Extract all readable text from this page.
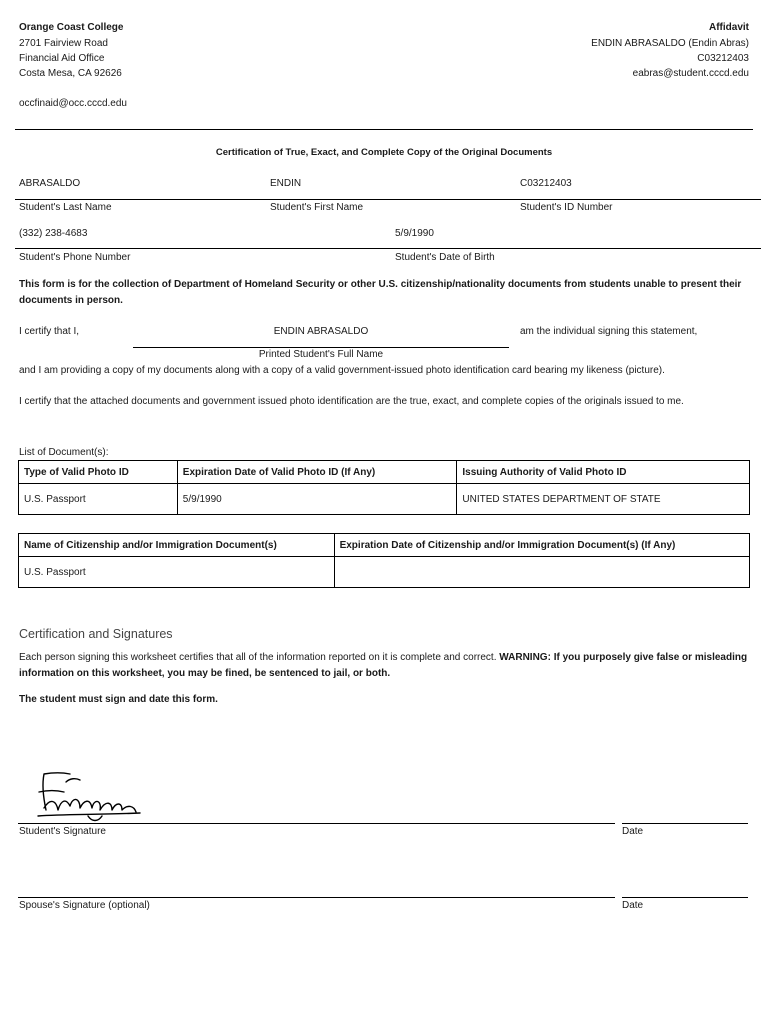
Orange Coast College
2701 Fairview Road
Financial Aid Office
Costa Mesa, CA 92626
occfinaid@occ.cccd.edu
Affidavit
ENDIN ABRASALDO (Endin Abras)
C03212403
eabras@student.cccd.edu
Certification of True, Exact, and Complete Copy of the Original Documents
ABRASALDO	ENDIN	C03212403
Student's Last Name	Student's First Name	Student's ID Number
(332) 238-4683	5/9/1990
Student's Phone Number	Student's Date of Birth
This form is for the collection of Department of Homeland Security or other U.S. citizenship/nationality documents from students unable to present their documents in person.
I certify that I,	ENDIN ABRASALDO	am the individual signing this statement,
Printed Student's Full Name
and I am providing a copy of my documents along with a copy of a valid government-issued photo identification card bearing my likeness (picture).
I certify that the attached documents and government issued photo identification are the true, exact, and complete copies of the originals issued to me.
List of Document(s):
Type of Valid Photo ID	Expiration Date of Valid Photo ID (If Any)	Issuing Authority of Valid Photo ID
U.S. Passport	5/9/1990	UNITED STATES DEPARTMENT OF STATE
Name of Citizenship and/or Immigration Document(s)	Expiration Date of Citizenship and/or Immigration Document(s) (If Any)
U.S. Passport	
Certification and Signatures
Each person signing this worksheet certifies that all of the information reported on it is complete and correct. WARNING: If you purposely give false or misleading information on this worksheet, you may be fined, be sentenced to jail, or both.
The student must sign and date this form.
Student's Signature	Date
Spouse's Signature (optional)	Date
